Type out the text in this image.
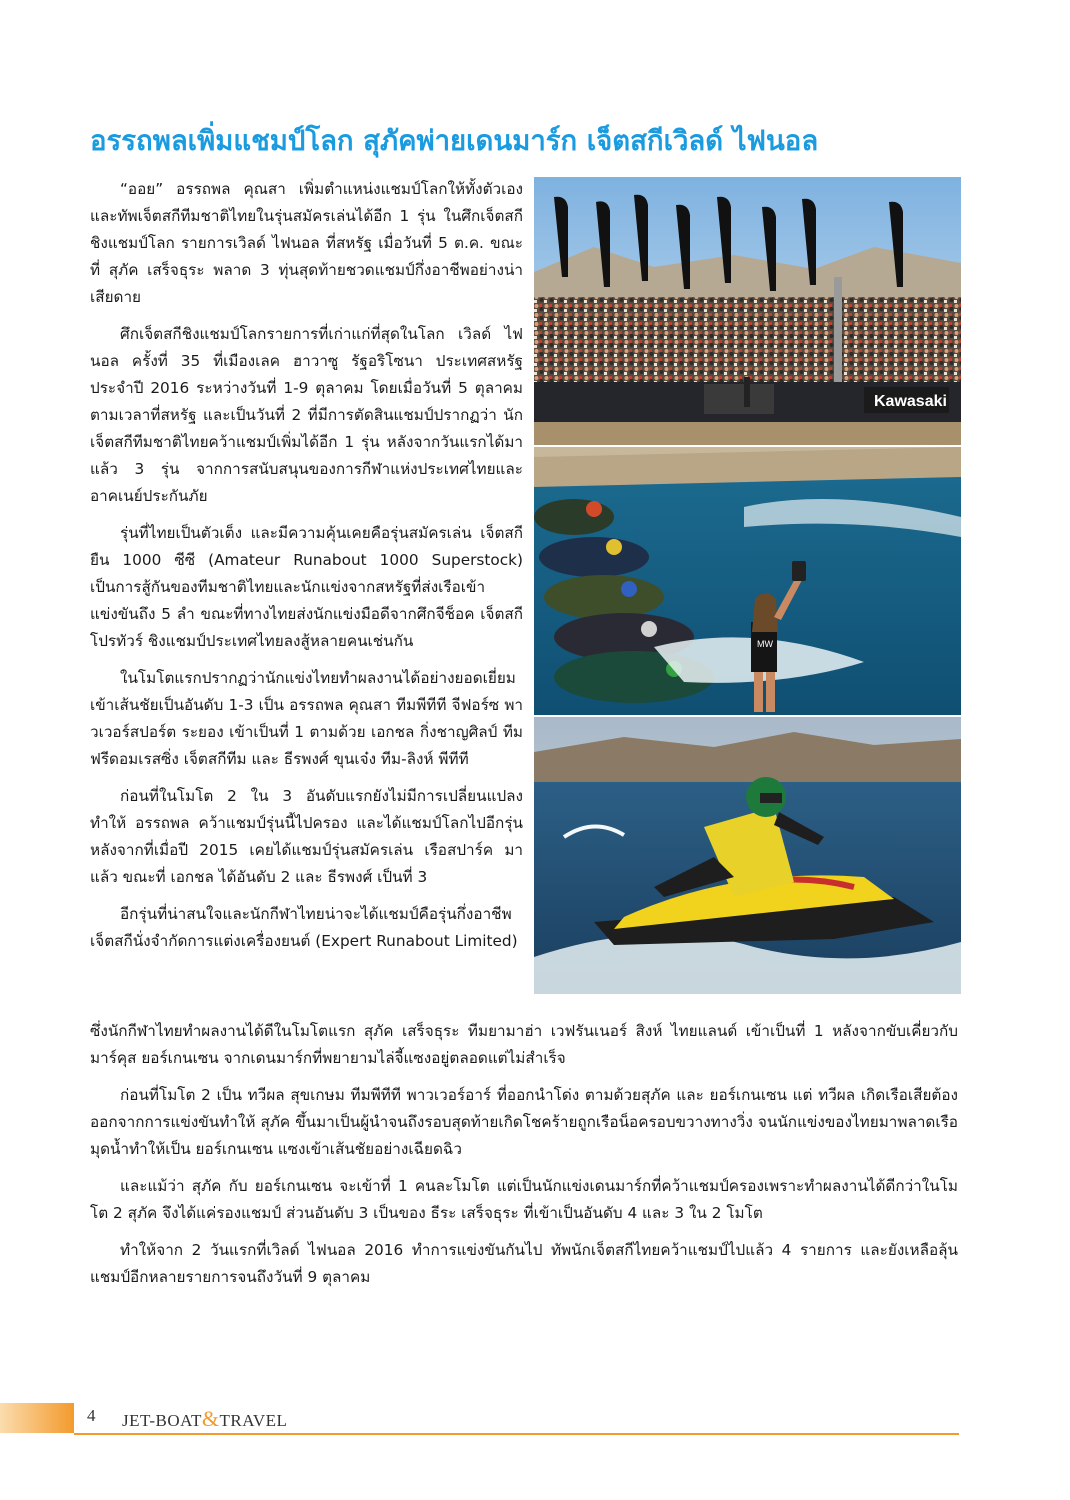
อรรถพลเพิ่มแชมป์โลก สุภัคพ่ายเดนมาร์ก เจ็ตสกีเวิลด์ ไฟนอล

“ออย” อรรถพล คุณสา เพิ่มตำแหน่งแชมป์โลกให้ทั้งตัวเองและทัพเจ็ตสกีทีมชาติไทยในรุ่นสมัครเล่นได้อีก 1 รุ่น ในศึกเจ็ตสกีชิงแชมป์โลก รายการเวิลด์ ไฟนอล ที่สหรัฐ เมื่อวันที่ 5 ต.ค. ขณะที่ สุภัค เสร็จธุระ พลาด 3 ทุ่นสุดท้ายชวดแชมป์กึ่งอาชีพอย่างน่าเสียดาย

ศึกเจ็ตสกีชิงแชมป์โลกรายการที่เก่าแก่ที่สุดในโลก เวิลด์ ไฟนอล ครั้งที่ 35 ที่เมืองเลค ฮาวาซู รัฐอริโซนา ประเทศสหรัฐ ประจำปี 2016 ระหว่างวันที่ 1-9 ตุลาคม โดยเมื่อวันที่ 5 ตุลาคม ตามเวลาที่สหรัฐ และเป็นวันที่ 2 ที่มีการตัดสินแชมป์ปรากฏว่า นักเจ็ตสกีทีมชาติไทยคว้าแชมป์เพิ่มได้อีก 1 รุ่น หลังจากวันแรกได้มาแล้ว 3 รุ่น จากการสนับสนุนของการกีฬาแห่งประเทศไทยและอาคเนย์ประกันภัย

รุ่นที่ไทยเป็นตัวเต็ง และมีความคุ้นเคยคือรุ่นสมัครเล่น เจ็ตสกียืน 1000 ซีซี (Amateur Runabout 1000 Superstock) เป็นการสู้กันของทีมชาติไทยและนักแข่งจากสหรัฐที่ส่งเรือเข้าแข่งขันถึง 5 ลำ ขณะที่ทางไทยส่งนักแข่งมือดีจากศึกจีช็อค เจ็ตสกี โปรทัวร์ ชิงแชมป์ประเทศไทยลงสู้หลายคนเช่นกัน

ในโมโตแรกปรากฏว่านักแข่งไทยทำผลงานได้อย่างยอดเยี่ยมเข้าเส้นชัยเป็นอันดับ 1-3 เป็น อรรถพล คุณสา ทีมพีทีที จีฟอร์ซ พาวเวอร์สปอร์ต ระยอง เข้าเป็นที่ 1 ตามด้วย เอกชล กิ่งชาญศิลป์ ทีมฟรีดอมเรสซิ่ง เจ็ตสกีทีม และ ธีรพงศ์ ขุนเจ๋ง ทีม-ลิงห์ พีทีที

ก่อนที่ในโมโต 2 ใน 3 อันดับแรกยังไม่มีการเปลี่ยนแปลง ทำให้ อรรถพล คว้าแชมป์รุ่นนี้ไปครอง และได้แชมป์โลกไปอีกรุ่น หลังจากที่เมื่อปี 2015 เคยได้แชมป์รุ่นสมัครเล่น เรือสปาร์ค มาแล้ว ขณะที่ เอกชล ได้อันดับ 2 และ ธีรพงศ์ เป็นที่ 3

อีกรุ่นที่น่าสนใจและนักกีฬาไทยน่าจะได้แชมป์คือรุ่นกึ่งอาชีพเจ็ตสกีนั่งจำกัดการแต่งเครื่องยนต์ (Expert Runabout Limited)

Kawasaki
MW

ซึ่งนักกีฬาไทยทำผลงานได้ดีในโมโตแรก สุภัค เสร็จธุระ ทีมยามาฮ่า เวฟรันเนอร์ สิงห์ ไทยแลนด์ เข้าเป็นที่ 1 หลังจากขับเคี่ยวกับมาร์คุส ยอร์เกนเซน จากเดนมาร์กที่พยายามไล่จี้แซงอยู่ตลอดแต่ไม่สำเร็จ

ก่อนที่โมโต 2 เป็น ทวีผล สุขเกษม ทีมพีทีที พาวเวอร์อาร์ ที่ออกนำโด่ง ตามด้วยสุภัค และ ยอร์เกนเซน แต่ ทวีผล เกิดเรือเสียต้องออกจากการแข่งขันทำให้ สุภัค ขึ้นมาเป็นผู้นำจนถึงรอบสุดท้ายเกิดโชคร้ายถูกเรือน็อครอบขวางทางวิ่ง จนนักแข่งของไทยมาพลาดเรือมุดน้ำทำให้เป็น ยอร์เกนเซน แซงเข้าเส้นชัยอย่างเฉียดฉิว

และแม้ว่า สุภัค กับ ยอร์เกนเซน จะเข้าที่ 1 คนละโมโต แต่เป็นนักแข่งเดนมาร์กที่คว้าแชมป์ครองเพราะทำผลงานได้ดีกว่าในโมโต 2 สุภัค จึงได้แค่รองแชมป์ ส่วนอันดับ 3 เป็นของ ธีระ เสร็จธุระ ที่เข้าเป็นอันดับ 4 และ 3 ใน 2 โมโต

ทำให้จาก 2 วันแรกที่เวิลด์ ไฟนอล 2016 ทำการแข่งขันกันไป ทัพนักเจ็ตสกีไทยคว้าแชมป์ไปแล้ว 4 รายการ และยังเหลือลุ้นแชมป์อีกหลายรายการจนถึงวันที่ 9 ตุลาคม

4 JET-BOAT&TRAVEL
